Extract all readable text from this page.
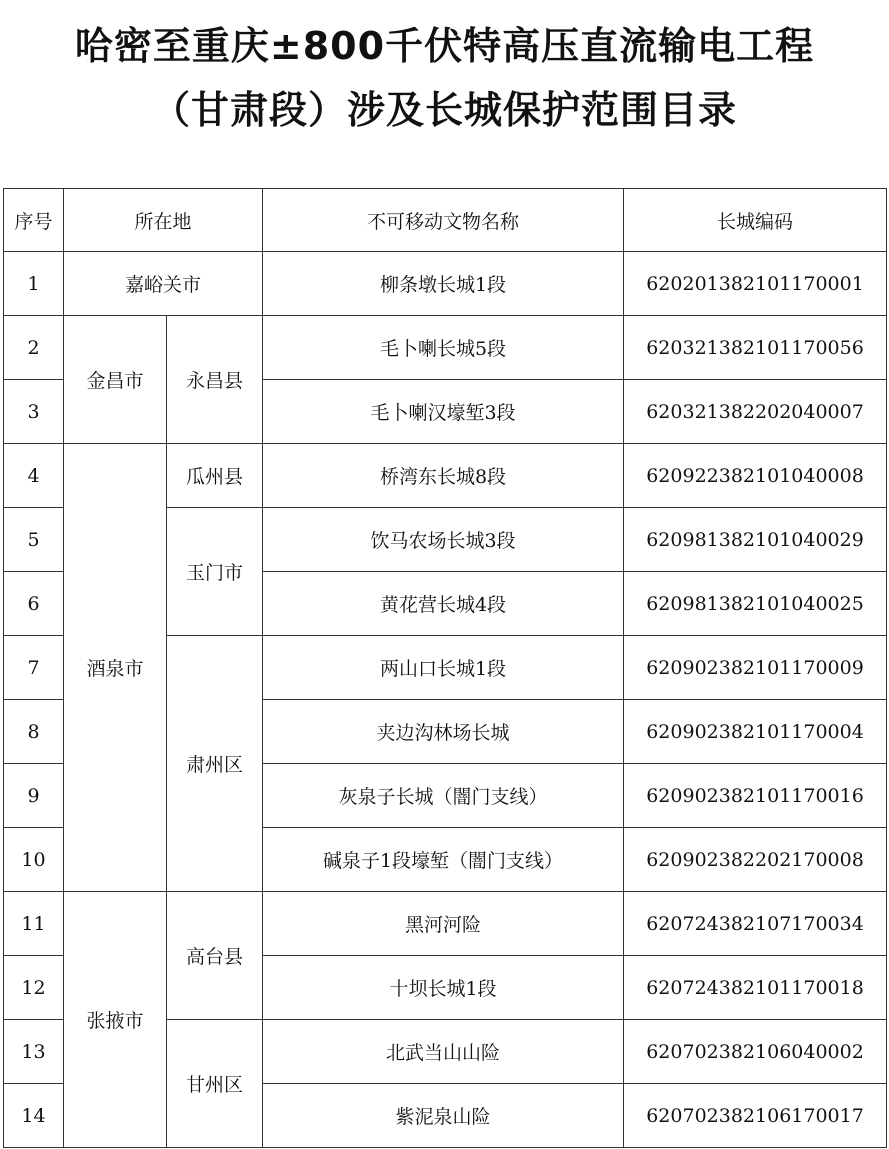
哈密至重庆±800千伏特高压直流输电工程
（甘肃段）涉及长城保护范围目录
序号	所在地		不可移动文物名称	长城编码
1	嘉峪关市		柳条墩长城1段	620201382101170001
2	金昌市	永昌县	毛卜喇长城5段	620321382101170056
3			毛卜喇汉壕堑3段	620321382202040007
4	酒泉市	瓜州县	桥湾东长城8段	620922382101040008
5		玉门市	饮马农场长城3段	620981382101040029
6			黄花营长城4段	620981382101040025
7		肃州区	两山口长城1段	620902382101170009
8			夹边沟林场长城	620902382101170004
9			灰泉子长城（闇门支线）	620902382101170016
10			碱泉子1段壕堑（闇门支线）	620902382202170008
11	张掖市	高台县	黑河河险	620724382107170034
12			十坝长城1段	620724382101170018
13		甘州区	北武当山山险	620702382106040002
14			紫泥泉山险	620702382106170017
